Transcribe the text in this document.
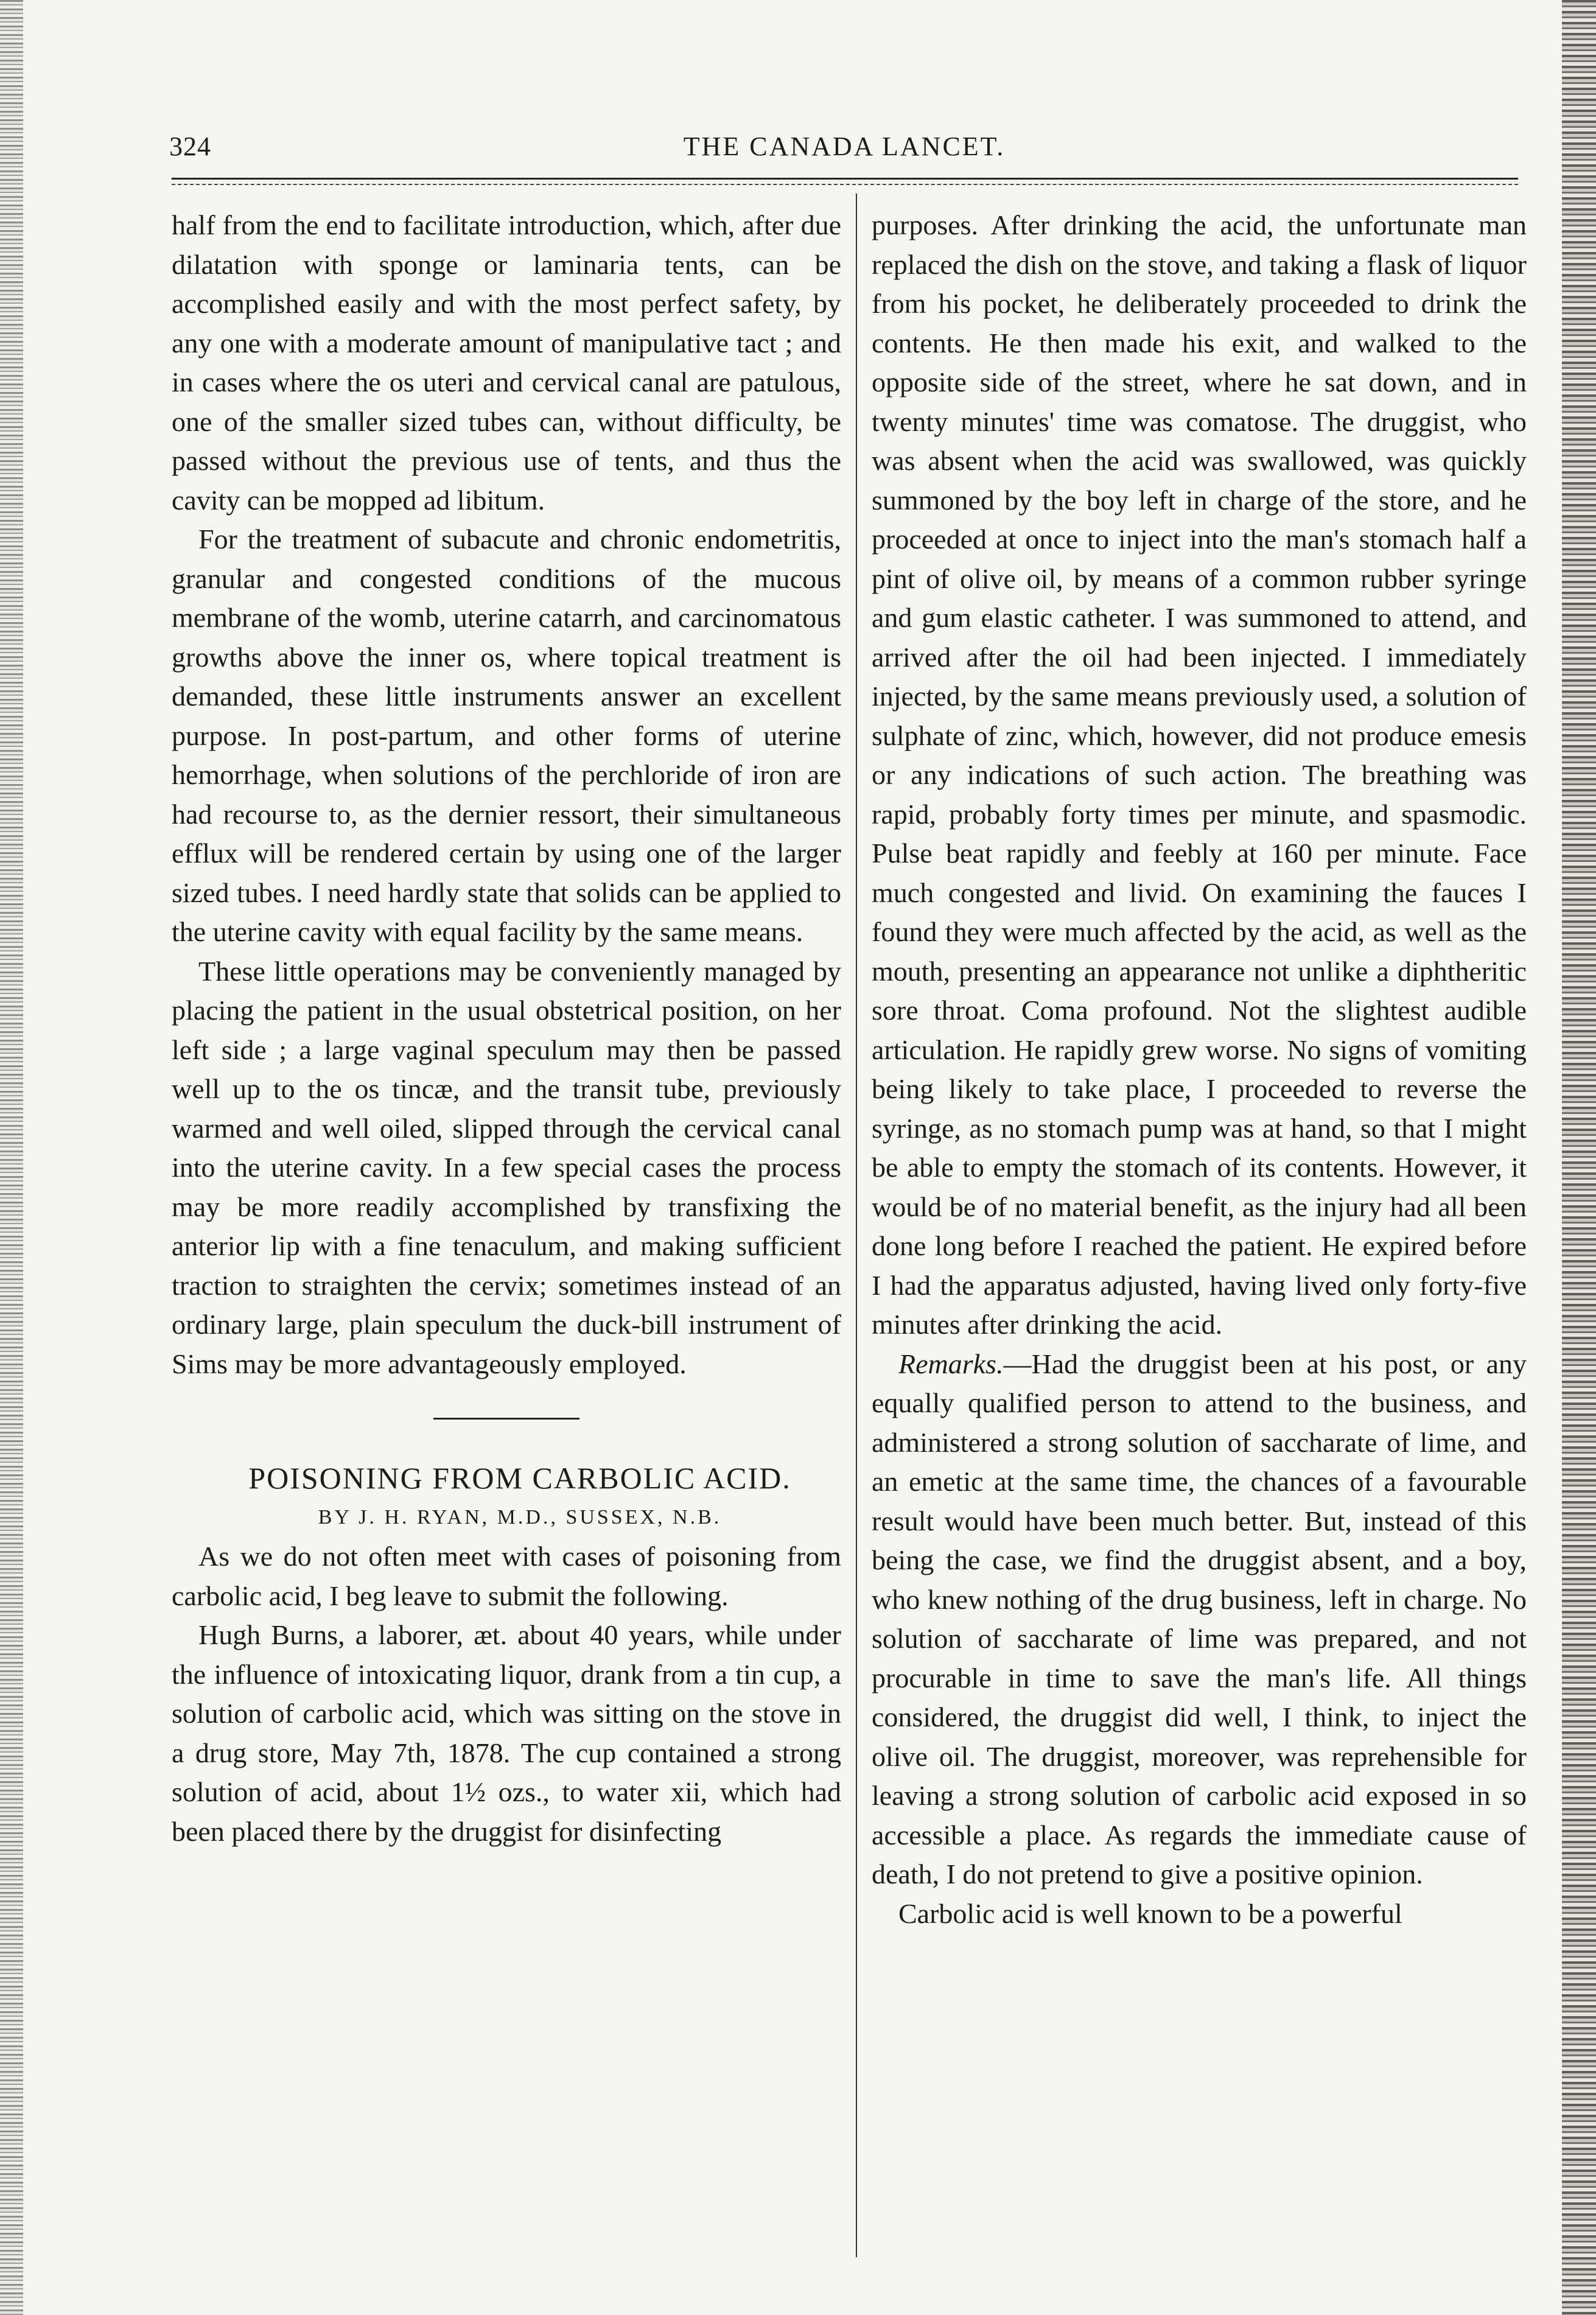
324	THE CANADA LANCET.

half from the end to facilitate introduction, which, after due dilatation with sponge or laminaria tents, can be accomplished easily and with the most perfect safety, by any one with a moderate amount of manipulative tact ; and in cases where the os uteri and cervical canal are patulous, one of the smaller sized tubes can, without difficulty, be passed without the previous use of tents, and thus the cavity can be mopped ad libitum.

For the treatment of subacute and chronic endometritis, granular and congested conditions of the mucous membrane of the womb, uterine catarrh, and carcinomatous growths above the inner os, where topical treatment is demanded, these little instruments answer an excellent purpose. In post-partum, and other forms of uterine hemorrhage, when solutions of the perchloride of iron are had recourse to, as the dernier ressort, their simultaneous efflux will be rendered certain by using one of the larger sized tubes. I need hardly state that solids can be applied to the uterine cavity with equal facility by the same means.

These little operations may be conveniently managed by placing the patient in the usual obstetrical position, on her left side ; a large vaginal speculum may then be passed well up to the os tincæ, and the transit tube, previously warmed and well oiled, slipped through the cervical canal into the uterine cavity. In a few special cases the process may be more readily accomplished by transfixing the anterior lip with a fine tenaculum, and making sufficient traction to straighten the cervix; sometimes instead of an ordinary large, plain speculum the duck-bill instrument of Sims may be more advantageously employed.

POISONING FROM CARBOLIC ACID.

BY J. H. RYAN, M.D., SUSSEX, N.B.

As we do not often meet with cases of poisoning from carbolic acid, I beg leave to submit the following.

Hugh Burns, a laborer, æt. about 40 years, while under the influence of intoxicating liquor, drank from a tin cup, a solution of carbolic acid, which was sitting on the stove in a drug store, May 7th, 1878. The cup contained a strong solution of acid, about 1½ ozs., to water xii, which had been placed there by the druggist for disinfecting

purposes. After drinking the acid, the unfortunate man replaced the dish on the stove, and taking a flask of liquor from his pocket, he deliberately proceeded to drink the contents. He then made his exit, and walked to the opposite side of the street, where he sat down, and in twenty minutes' time was comatose. The druggist, who was absent when the acid was swallowed, was quickly summoned by the boy left in charge of the store, and he proceeded at once to inject into the man's stomach half a pint of olive oil, by means of a common rubber syringe and gum elastic catheter. I was summoned to attend, and arrived after the oil had been injected. I immediately injected, by the same means previously used, a solution of sulphate of zinc, which, however, did not produce emesis or any indications of such action. The breathing was rapid, probably forty times per minute, and spasmodic. Pulse beat rapidly and feebly at 160 per minute. Face much congested and livid. On examining the fauces I found they were much affected by the acid, as well as the mouth, presenting an appearance not unlike a diphtheritic sore throat. Coma profound. Not the slightest audible articulation. He rapidly grew worse. No signs of vomiting being likely to take place, I proceeded to reverse the syringe, as no stomach pump was at hand, so that I might be able to empty the stomach of its contents. However, it would be of no material benefit, as the injury had all been done long before I reached the patient. He expired before I had the apparatus adjusted, having lived only forty-five minutes after drinking the acid.

Remarks.—Had the druggist been at his post, or any equally qualified person to attend to the business, and administered a strong solution of saccharate of lime, and an emetic at the same time, the chances of a favourable result would have been much better. But, instead of this being the case, we find the druggist absent, and a boy, who knew nothing of the drug business, left in charge. No solution of saccharate of lime was prepared, and not procurable in time to save the man's life. All things considered, the druggist did well, I think, to inject the olive oil. The druggist, moreover, was reprehensible for leaving a strong solution of carbolic acid exposed in so accessible a place. As regards the immediate cause of death, I do not pretend to give a positive opinion.

Carbolic acid is well known to be a powerful
